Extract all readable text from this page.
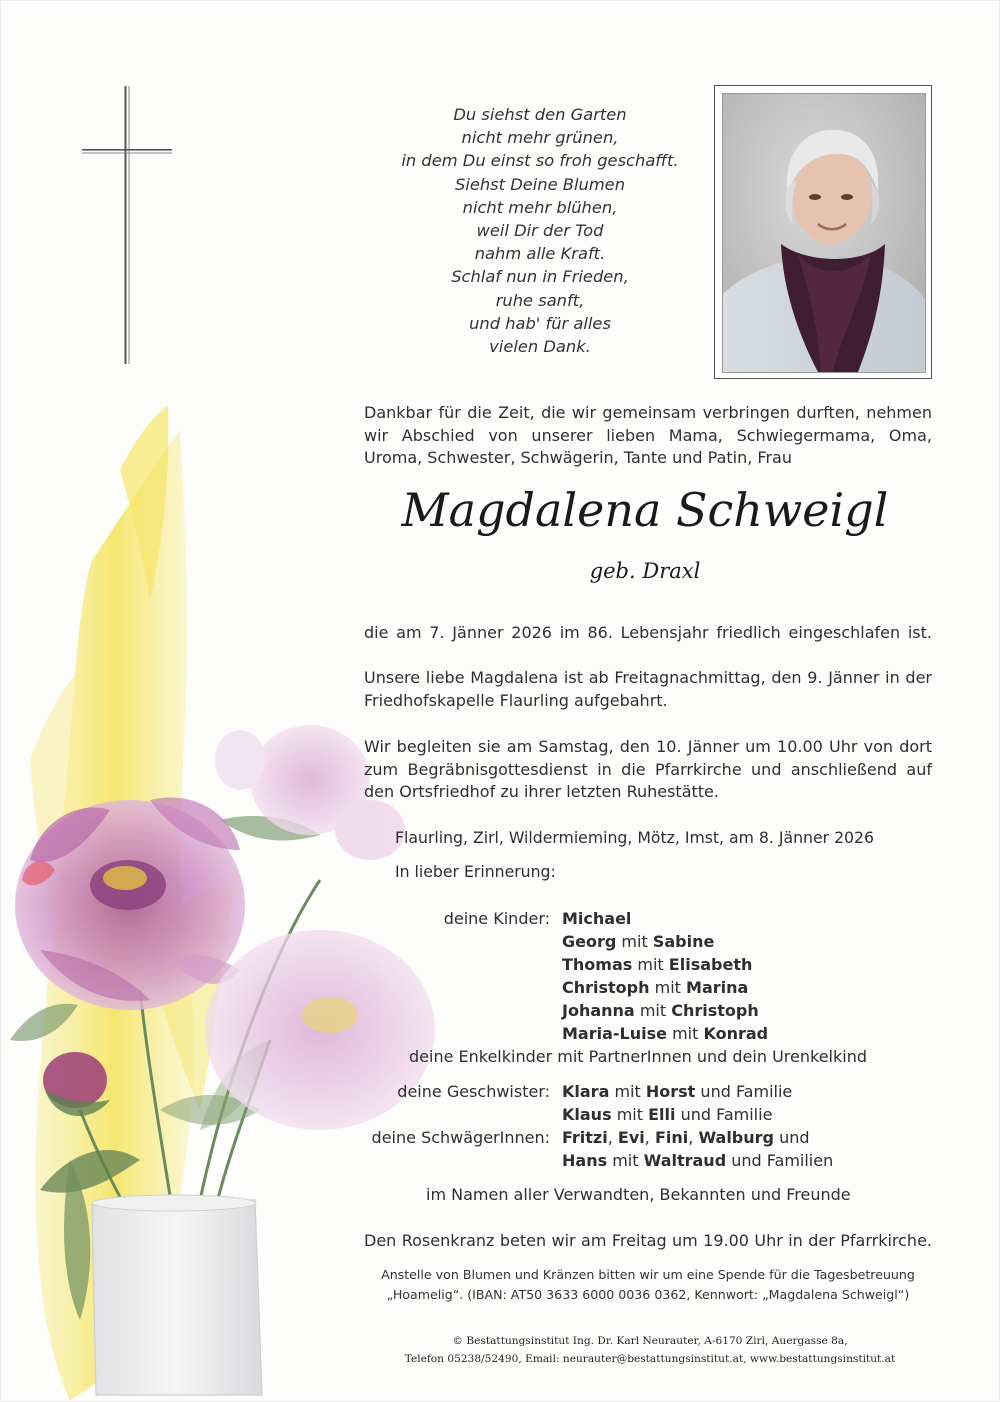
Du siehst den Garten
nicht mehr grünen,
in dem Du einst so froh geschafft.
Siehst Deine Blumen
nicht mehr blühen,
weil Dir der Tod
nahm alle Kraft.
Schlaf nun in Frieden,
ruhe sanft,
und hab' für alles
vielen Dank.
Dankbar für die Zeit, die wir gemeinsam verbringen durften, nehmen
wir Abschied von unserer lieben Mama, Schwiegermama, Oma,
Uroma, Schwester, Schwägerin, Tante und Patin, Frau
Magdalena Schweigl
geb. Draxl
die am 7. Jänner 2026 im 86. Lebensjahr friedlich eingeschlafen ist.
Unsere liebe Magdalena ist ab Freitagnachmittag, den 9. Jänner in der
Friedhofskapelle Flaurling aufgebahrt.
Wir begleiten sie am Samstag, den 10. Jänner um 10.00 Uhr von dort
zum Begräbnisgottesdienst in die Pfarrkirche und anschließend auf
den Ortsfriedhof zu ihrer letzten Ruhestätte.
Flaurling, Zirl, Wildermieming, Mötz, Imst, am 8. Jänner 2026
In lieber Erinnerung:
deine Kinder: Michael
Georg mit Sabine
Thomas mit Elisabeth
Christoph mit Marina
Johanna mit Christoph
Maria-Luise mit Konrad
deine Enkelkinder mit PartnerInnen und dein Urenkelkind
deine Geschwister: Klara mit Horst und Familie
Klaus mit Elli und Familie
deine SchwägerInnen: Fritzi, Evi, Fini, Walburg und
Hans mit Waltraud und Familien
im Namen aller Verwandten, Bekannten und Freunde
Den Rosenkranz beten wir am Freitag um 19.00 Uhr in der Pfarrkirche.
Anstelle von Blumen und Kränzen bitten wir um eine Spende für die Tagesbetreuung
„Hoamelig“. (IBAN: AT50 3633 6000 0036 0362, Kennwort: „Magdalena Schweigl“)
© Bestattungsinstitut Ing. Dr. Karl Neurauter, A-6170 Zirl, Auergasse 8a,
Telefon 05238/52490, Email: neurauter@bestattungsinstitut.at, www.bestattungsinstitut.at
